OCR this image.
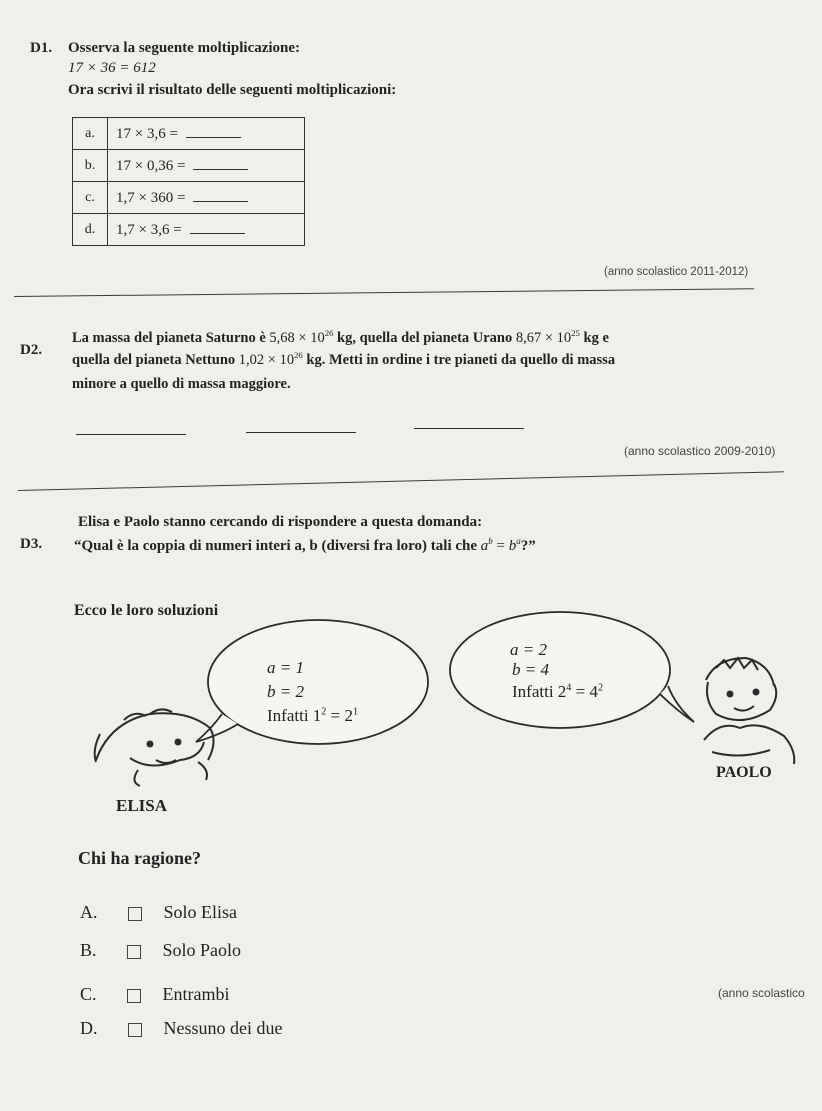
D1. Osserva la seguente moltiplicazione:
17 × 36 = 612
Ora scrivi il risultato delle seguenti moltiplicazioni:
a.	17 × 3,6 =
b.	17 × 0,36 =
c.	1,7 × 360 =
d.	1,7 × 3,6 =
(anno scolastico 2011-2012)
D2.
La massa del pianeta Saturno è $5,68 \times 10^{26}$ kg, quella del pianeta Urano $8,67 \times 10^{25}$ kg e
quella del pianeta Nettuno $1,02 \times 10^{26}$ kg. Metti in ordine i tre pianeti da quello di massa
minore a quello di massa maggiore.
(anno scolastico 2009-2010)
D3.
Elisa e Paolo stanno cercando di rispondere a questa domanda:
“Qual è la coppia di numeri interi a, b (diversi fra loro) tali che $a^b = b^a$?”
Ecco le loro soluzioni
a = 1
b = 2
Infatti $1^2 = 2^1$
a = 2
b = 4
Infatti $2^4 = 4^2$
PAOLO
ELISA
Chi ha ragione?
A.	Solo Elisa
B.	Solo Paolo
C.	Entrambi
D.	Nessuno dei due
(anno scolastico
